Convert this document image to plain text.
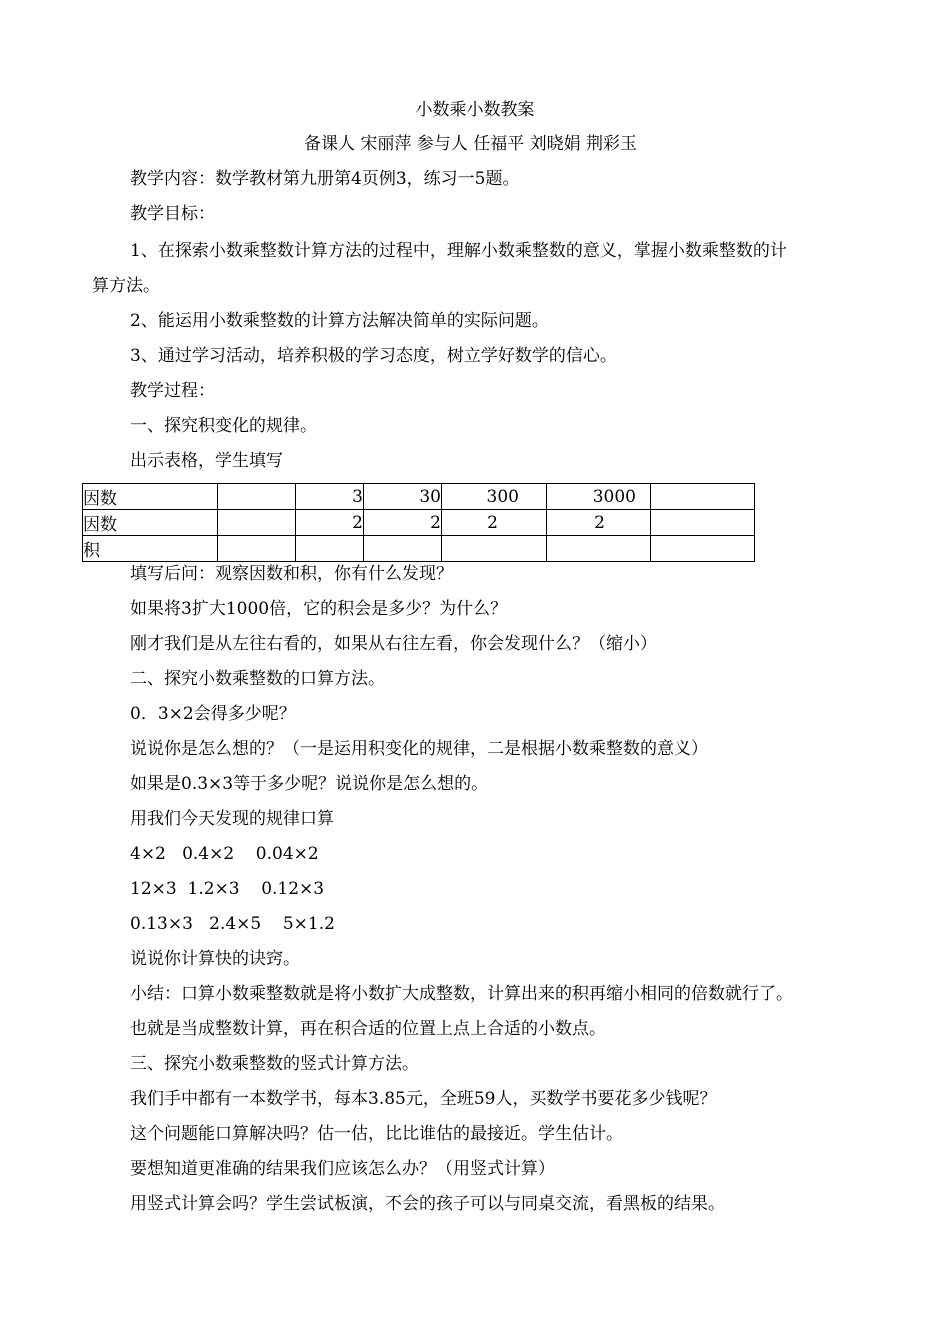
小数乘小数教案
备课人 宋丽萍 参与人 任福平 刘晓娟 荆彩玉
教学内容：数学教材第九册第4页例3，练习一5题。
教学目标：
1、在探索小数乘整数计算方法的过程中，理解小数乘整数的意义，掌握小数乘整数的计
算方法。
2、能运用小数乘整数的计算方法解决简单的实际问题。
3、通过学习活动，培养积极的学习态度，树立学好数学的信心。
教学过程：
一、探究积变化的规律。
出示表格，学生填写
因数		3	30	300	3000	
因数		2	2	2	2	
积						
填写后问：观察因数和积，你有什么发现？
如果将3扩大1000倍，它的积会是多少？为什么？
刚才我们是从左往右看的，如果从右往左看，你会发现什么？（缩小）
二、探究小数乘整数的口算方法。
0．3×2会得多少呢？
说说你是怎么想的？（一是运用积变化的规律，二是根据小数乘整数的意义）
如果是0.3×3等于多少呢？说说你是怎么想的。
用我们今天发现的规律口算
4×2   0.4×2    0.04×2
12×3  1.2×3    0.12×3
0.13×3   2.4×5    5×1.2
说说你计算快的诀窍。
小结：口算小数乘整数就是将小数扩大成整数，计算出来的积再缩小相同的倍数就行了。
也就是当成整数计算，再在积合适的位置上点上合适的小数点。
三、探究小数乘整数的竖式计算方法。
我们手中都有一本数学书，每本3.85元，全班59人，买数学书要花多少钱呢？
这个问题能口算解决吗？估一估，比比谁估的最接近。学生估计。
要想知道更准确的结果我们应该怎么办？（用竖式计算）
用竖式计算会吗？学生尝试板演，不会的孩子可以与同桌交流，看黑板的结果。
